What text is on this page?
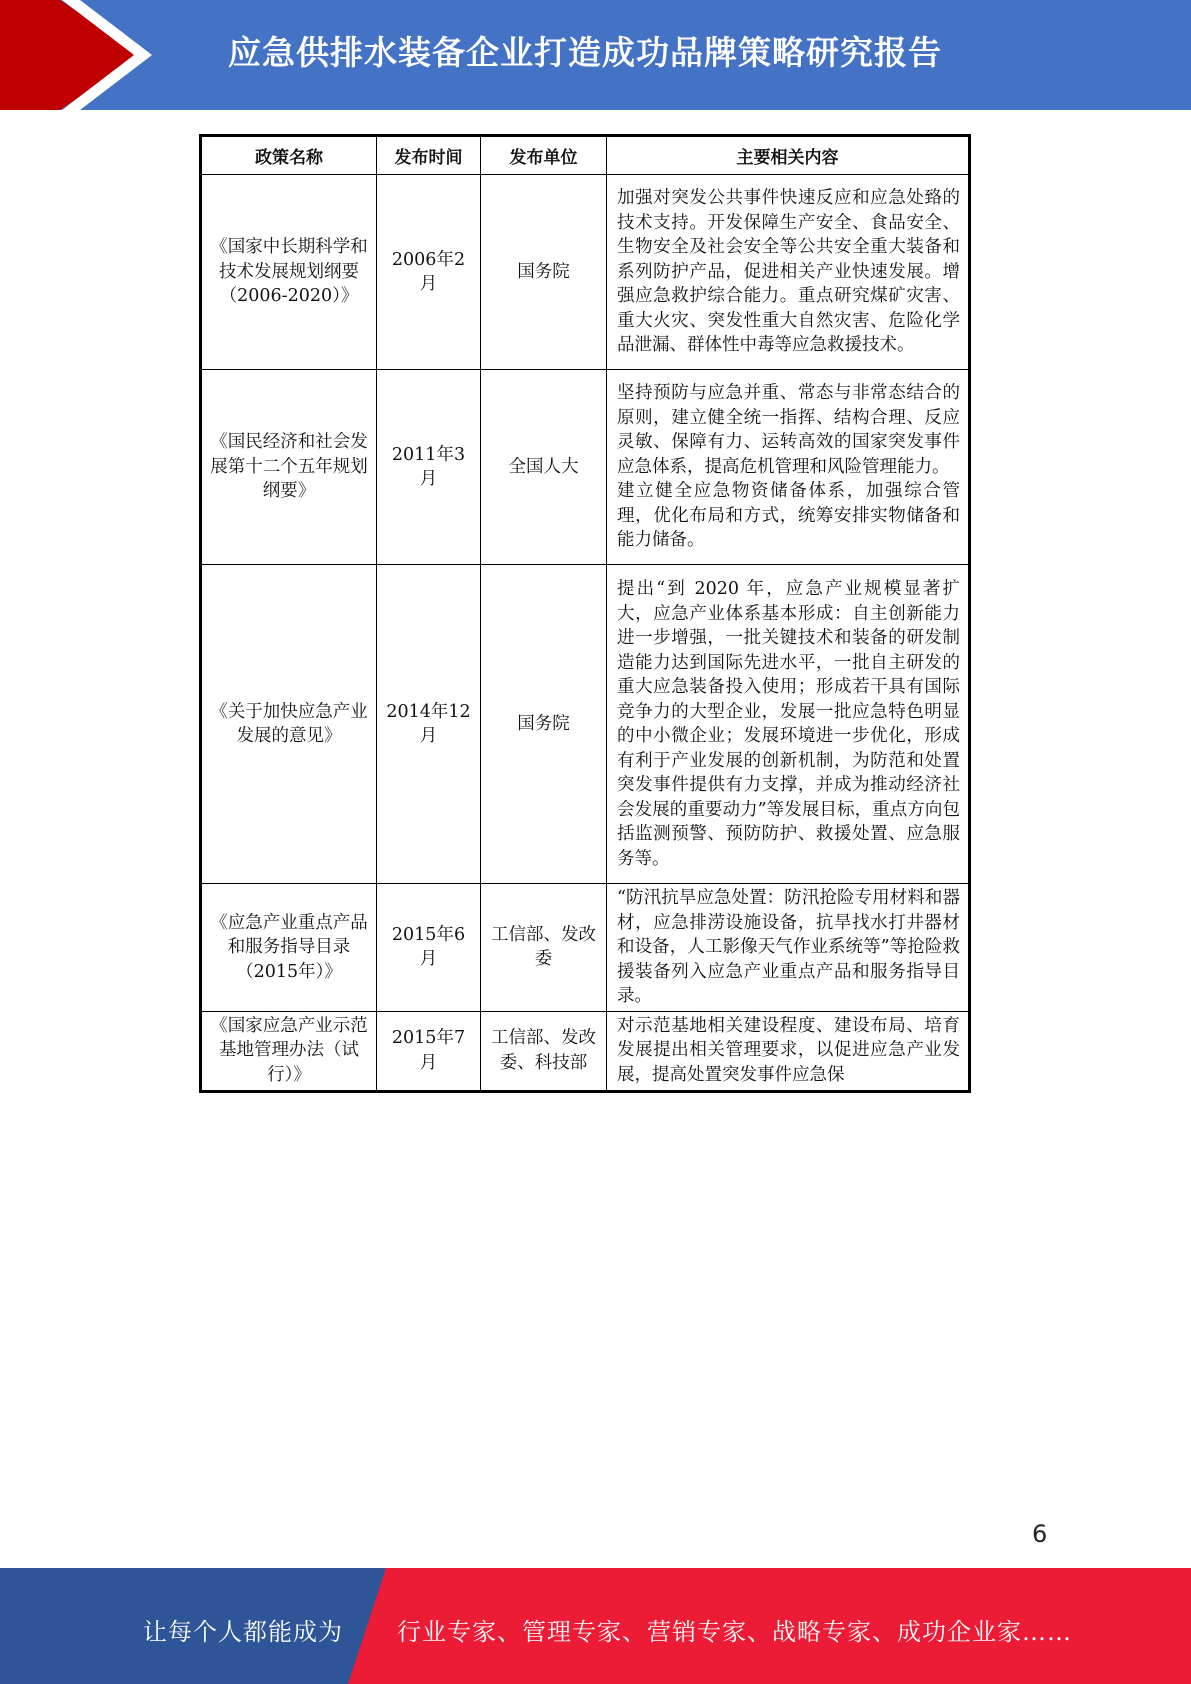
应急供排水装备企业打造成功品牌策略研究报告
政策名称	发布时间	发布单位	主要相关内容
《国家中长期科学和技术发展规划纲要（2006-2020）》	2006年2月	国务院	加强对突发公共事件快速反应和应急处臵的技术支持。开发保障生产安全、食品安全、生物安全及社会安全等公共安全重大装备和系列防护产品，促进相关产业快速发展。增强应急救护综合能力。重点研究煤矿灾害、重大火灾、突发性重大自然灾害、危险化学品泄漏、群体性中毒等应急救援技术。
《国民经济和社会发展第十二个五年规划纲要》	2011年3月	全国人大	坚持预防与应急并重、常态与非常态结合的原则，建立健全统一指挥、结构合理、反应灵敏、保障有力、运转高效的国家突发事件应急体系，提高危机管理和风险管理能力。
建立健全应急物资储备体系，加强综合管理，优化布局和方式，统筹安排实物储备和能力储备。

《关于加快应急产业发展的意见》	2014年12月	国务院	提出“到 2020 年，应急产业规模显著扩大，应急产业体系基本形成：自主创新能力进一步增强，一批关键技术和装备的研发制造能力达到国际先进水平，一批自主研发的重大应急装备投入使用；形成若干具有国际竞争力的大型企业，发展一批应急特色明显的中小微企业；发展环境进一步优化，形成有利于产业发展的创新机制，为防范和处置突发事件提供有力支撑，并成为推动经济社会发展的重要动力”等发展目标，重点方向包括监测预警、预防防护、救援处置、应急服务等。
《应急产业重点产品和服务指导目录（2015年）》	2015年6月	工信部、发改委	“防汛抗旱应急处置：防汛抢险专用材料和器材，应急排涝设施设备，抗旱找水打井器材和设备，人工影像天气作业系统等”等抢险救援装备列入应急产业重点产品和服务指导目录。
《国家应急产业示范基地管理办法（试行）》	2015年7月	工信部、发改委、科技部	对示范基地相关建设程度、建设布局、培育发展提出相关管理要求，以促进应急产业发展，提高处置突发事件应急保
6
让每个人都能成为 行业专家、管理专家、营销专家、战略专家、成功企业家……
